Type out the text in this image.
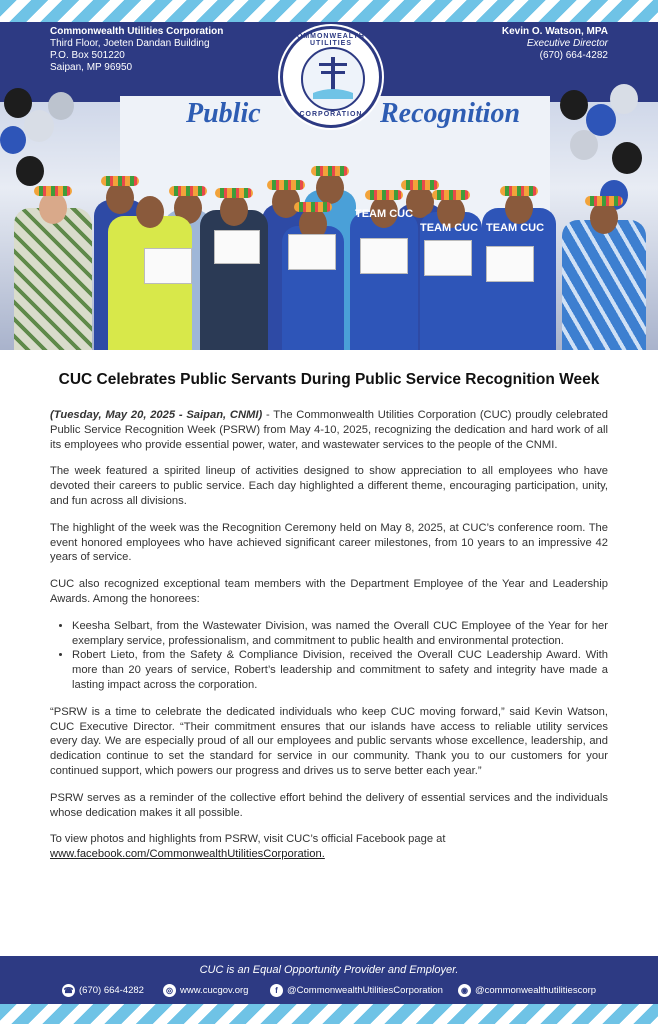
Commonwealth Utilities Corporation
Third Floor, Joeten Dandan Building
P.O. Box 501220
Saipan, MP 96950
Kevin O. Watson, MPA
Executive Director
(670) 664-4282
Public	Recognition
TEAM CUC
TEAM CUC TEAM CUC
COMMONWEALTH · UTILITIES
CORPORATION
CUC Celebrates Public Servants During Public Service Recognition Week

(Tuesday, May 20, 2025 - Saipan, CNMI) - The Commonwealth Utilities Corporation (CUC) proudly celebrated Public Service Recognition Week (PSRW) from May 4-10, 2025, recognizing the dedication and hard work of all its employees who provide essential power, water, and wastewater services to the people of the CNMI.

The week featured a spirited lineup of activities designed to show appreciation to all employees who have devoted their careers to public service. Each day highlighted a different theme, encouraging participation, unity, and fun across all divisions.

The highlight of the week was the Recognition Ceremony held on May 8, 2025, at CUC’s conference room. The event honored employees who have achieved significant career milestones, from 10 years to an impressive 42 years of service.

CUC also recognized exceptional team members with the Department Employee of the Year and Leadership Awards. Among the honorees:

• Keesha Selbart, from the Wastewater Division, was named the Overall CUC Employee of the Year for her exemplary service, professionalism, and commitment to public health and environmental protection.
• Robert Lieto, from the Safety & Compliance Division, received the Overall CUC Leadership Award. With more than 20 years of service, Robert’s leadership and commitment to safety and integrity have made a lasting impact across the corporation.

“PSRW is a time to celebrate the dedicated individuals who keep CUC moving forward,” said Kevin Watson, CUC Executive Director. “Their commitment ensures that our islands have access to reliable utility services every day. We are especially proud of all our employees and public servants whose excellence, leadership, and dedication continue to set the standard for service in our community. Thank you to our customers for your continued support, which powers our progress and drives us to serve better each year.”

PSRW serves as a reminder of the collective effort behind the delivery of essential services and the individuals whose dedication makes it all possible.

To view photos and highlights from PSRW, visit CUC’s official Facebook page at
www.facebook.com/CommonwealthUtilitiesCorporation.

CUC is an Equal Opportunity Provider and Employer.
☎ (670) 664-4282	◎ www.cucgov.org	f @CommonwealthUtilitiesCorporation	◉ @commonwealthutilitiescorp
